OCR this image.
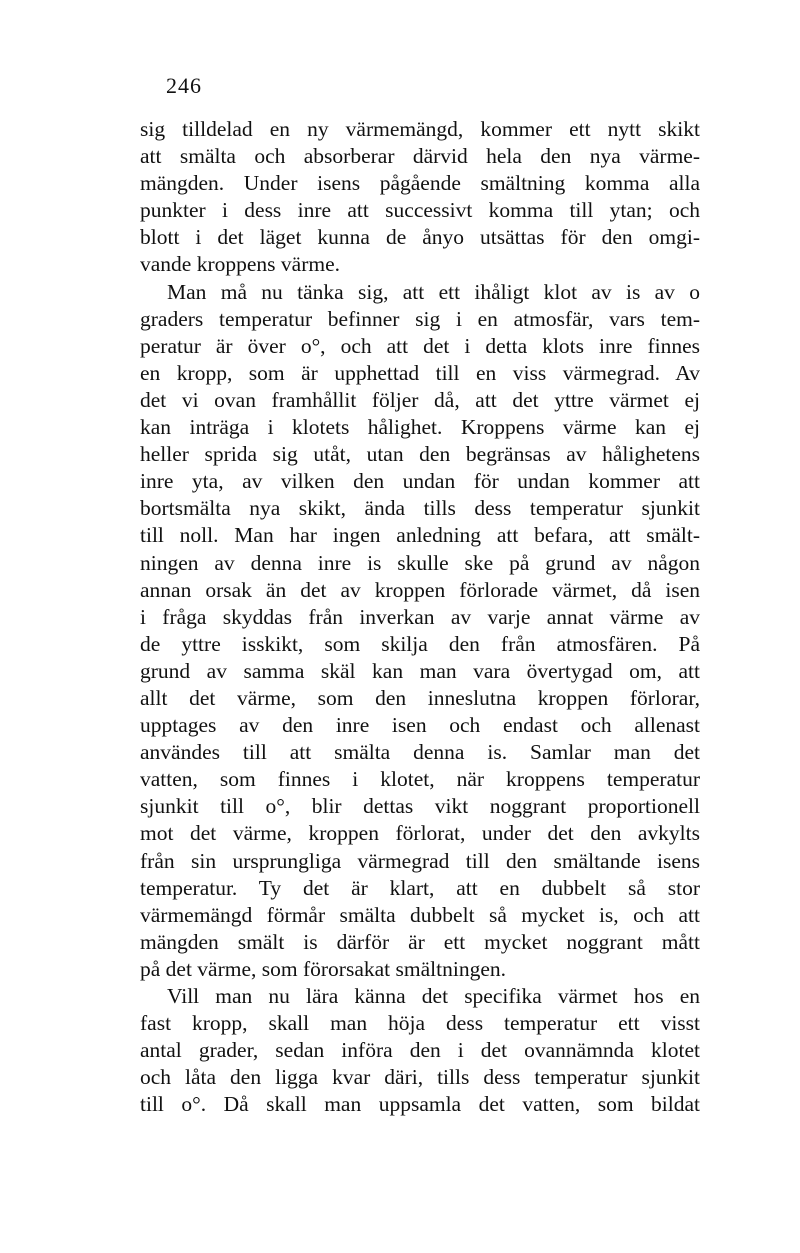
246
sig tilldelad en ny värmemängd, kommer ett nytt skikt
att smälta och absorberar därvid hela den nya värme-
mängden. Under isens pågående smältning komma alla
punkter i dess inre att successivt komma till ytan; och
blott i det läget kunna de ånyo utsättas för den omgi-
vande kroppens värme.
Man må nu tänka sig, att ett ihåligt klot av is av o
graders temperatur befinner sig i en atmosfär, vars tem-
peratur är över o°, och att det i detta klots inre finnes
en kropp, som är upphettad till en viss värmegrad. Av
det vi ovan framhållit följer då, att det yttre värmet ej
kan inträga i klotets hålighet. Kroppens värme kan ej
heller sprida sig utåt, utan den begränsas av hålighetens
inre yta, av vilken den undan för undan kommer att
bortsmälta nya skikt, ända tills dess temperatur sjunkit
till noll. Man har ingen anledning att befara, att smält-
ningen av denna inre is skulle ske på grund av någon
annan orsak än det av kroppen förlorade värmet, då isen
i fråga skyddas från inverkan av varje annat värme av
de yttre isskikt, som skilja den från atmosfären. På
grund av samma skäl kan man vara övertygad om, att
allt det värme, som den inneslutna kroppen förlorar,
upptages av den inre isen och endast och allenast
användes till att smälta denna is. Samlar man det
vatten, som finnes i klotet, när kroppens temperatur
sjunkit till o°, blir dettas vikt noggrant proportionell
mot det värme, kroppen förlorat, under det den avkylts
från sin ursprungliga värmegrad till den smältande isens
temperatur. Ty det är klart, att en dubbelt så stor
värmemängd förmår smälta dubbelt så mycket is, och att
mängden smält is därför är ett mycket noggrant mått
på det värme, som förorsakat smältningen.
Vill man nu lära känna det specifika värmet hos en
fast kropp, skall man höja dess temperatur ett visst
antal grader, sedan införa den i det ovannämnda klotet
och låta den ligga kvar däri, tills dess temperatur sjunkit
till o°. Då skall man uppsamla det vatten, som bildat
